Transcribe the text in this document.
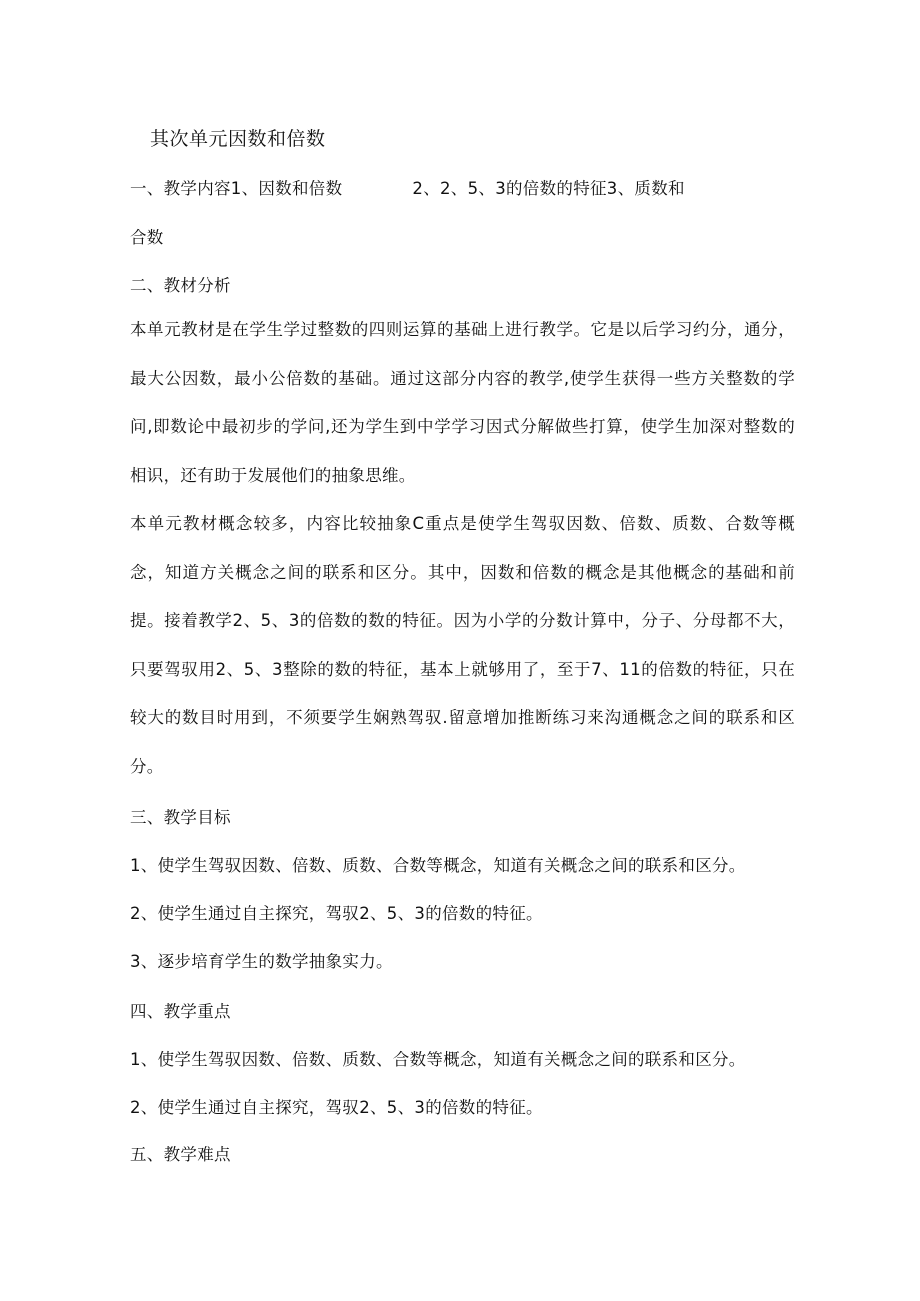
其次单元因数和倍数
一、教学内容1、因数和倍数	2、2、5、3的倍数的特征3、质数和
合数
二、教材分析
本单元教材是在学生学过整数的四则运算的基础上进行教学。它是以后学习约分，通分，最大公因数，最小公倍数的基础。通过这部分内容的教学,使学生获得一些方关整数的学问,即数论中最初步的学问,还为学生到中学学习因式分解做些打算，使学生加深对整数的相识，还有助于发展他们的抽象思维。
本单元教材概念较多，内容比较抽象C重点是使学生驾驭因数、倍数、质数、合数等概念，知道方关概念之间的联系和区分。其中，因数和倍数的概念是其他概念的基础和前提。接着教学2、5、3的倍数的数的特征。因为小学的分数计算中，分子、分母都不大，只要驾驭用2、5、3整除的数的特征，基本上就够用了，至于7、11的倍数的特征，只在较大的数目时用到，不须要学生娴熟驾驭.留意增加推断练习来沟通概念之间的联系和区分。
三、教学目标
1、使学生驾驭因数、倍数、质数、合数等概念，知道有关概念之间的联系和区分。
2、使学生通过自主探究，驾驭2、5、3的倍数的特征。
3、逐步培育学生的数学抽象实力。
四、教学重点
1、使学生驾驭因数、倍数、质数、合数等概念，知道有关概念之间的联系和区分。
2、使学生通过自主探究，驾驭2、5、3的倍数的特征。
五、教学难点
